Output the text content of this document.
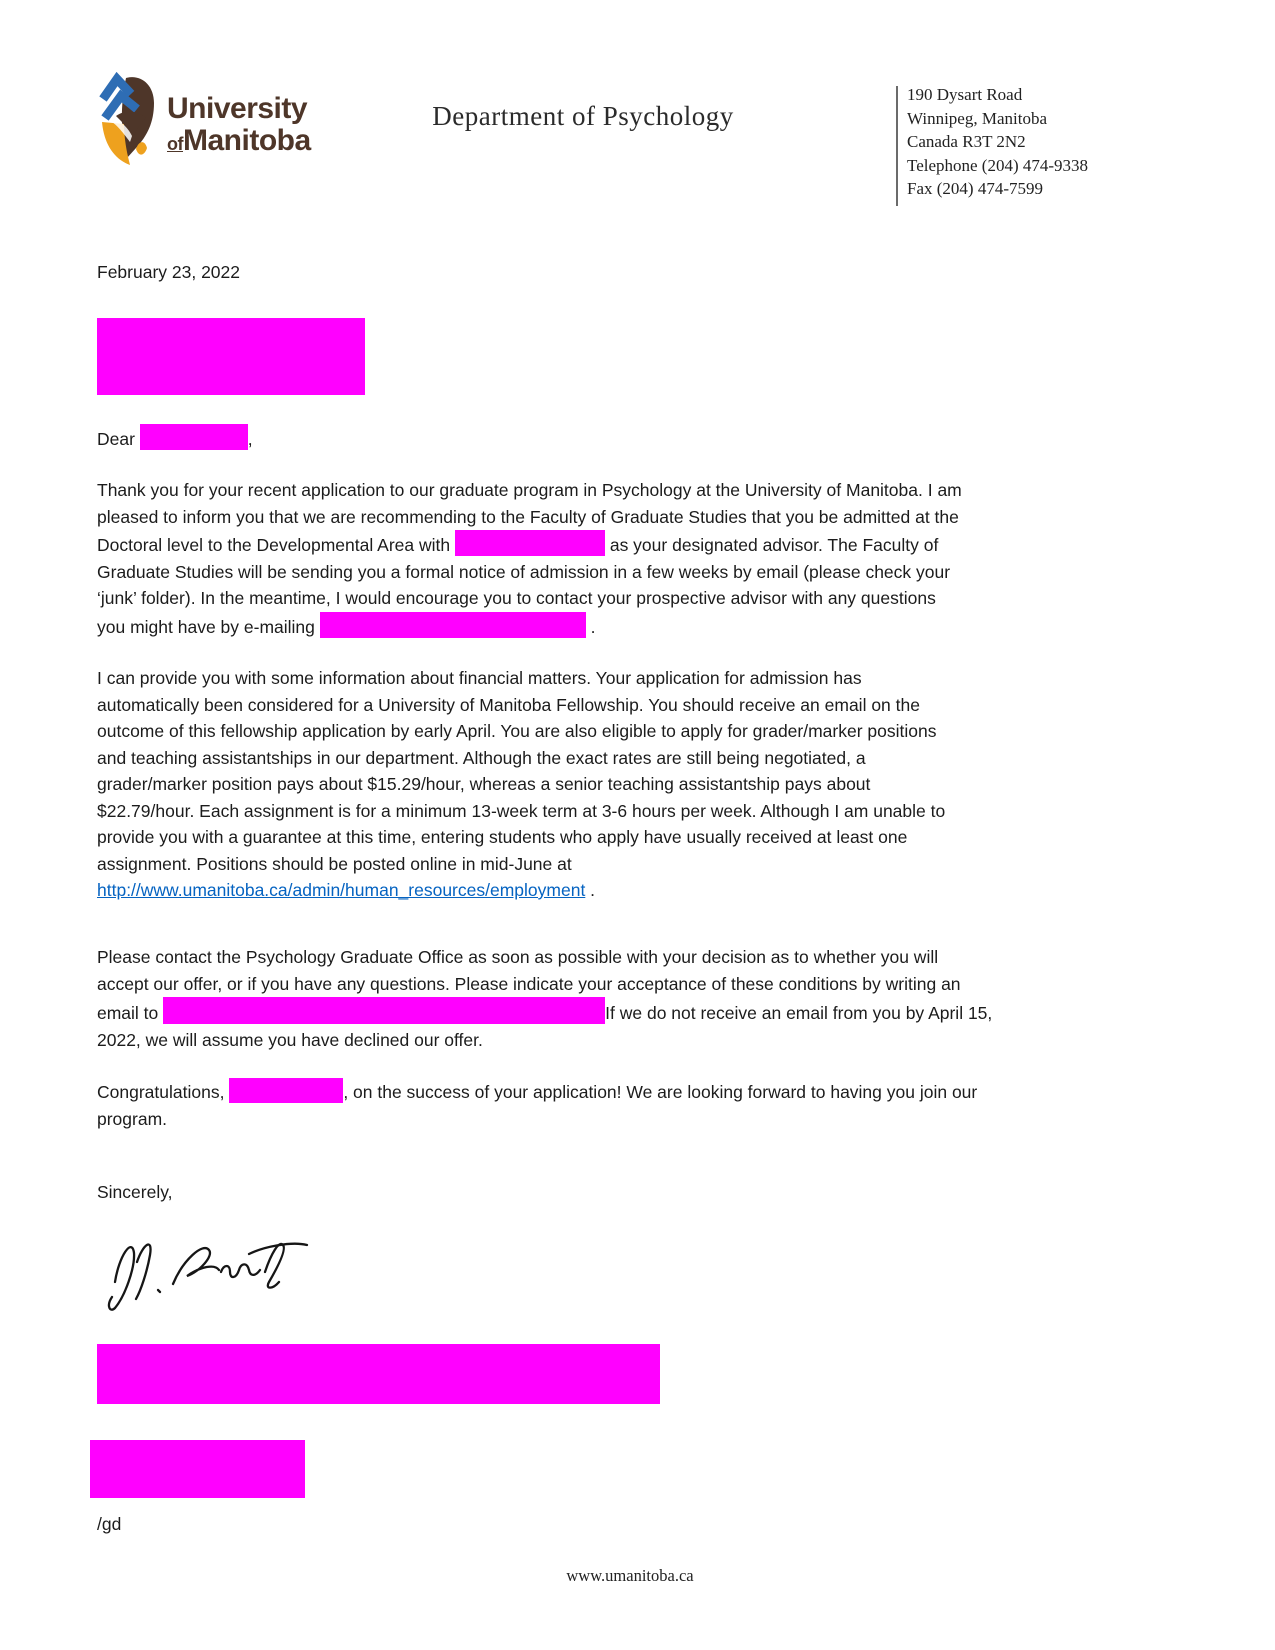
University
ofManitoba
Department of Psychology
190 Dysart Road
Winnipeg, Manitoba
Canada R3T 2N2
Telephone (204) 474-9338
Fax (204) 474-7599
February 23, 2022

Dear	,

Thank you for your recent application to our graduate program in Psychology at the University of Manitoba. I am
pleased to inform you that we are recommending to the Faculty of Graduate Studies that you be admitted at the
Doctoral level to the Developmental Area with	as your designated advisor. The Faculty of
Graduate Studies will be sending you a formal notice of admission in a few weeks by email (please check your
‘junk’ folder). In the meantime, I would encourage you to contact your prospective advisor with any questions
you might have by e-mailing	.

I can provide you with some information about financial matters. Your application for admission has
automatically been considered for a University of Manitoba Fellowship. You should receive an email on the
outcome of this fellowship application by early April. You are also eligible to apply for grader/marker positions
and teaching assistantships in our department. Although the exact rates are still being negotiated, a
grader/marker position pays about $15.29/hour, whereas a senior teaching assistantship pays about
$22.79/hour. Each assignment is for a minimum 13-week term at 3-6 hours per week. Although I am unable to
provide you with a guarantee at this time, entering students who apply have usually received at least one
assignment. Positions should be posted online in mid-June at
http://www.umanitoba.ca/admin/human_resources/employment .

Please contact the Psychology Graduate Office as soon as possible with your decision as to whether you will
accept our offer, or if you have any questions. Please indicate your acceptance of these conditions by writing an
email to	If we do not receive an email from you by April 15,
2022, we will assume you have declined our offer.

Congratulations,	, on the success of your application! We are looking forward to having you join our
program.

Sincerely,
/gd
www.umanitoba.ca
